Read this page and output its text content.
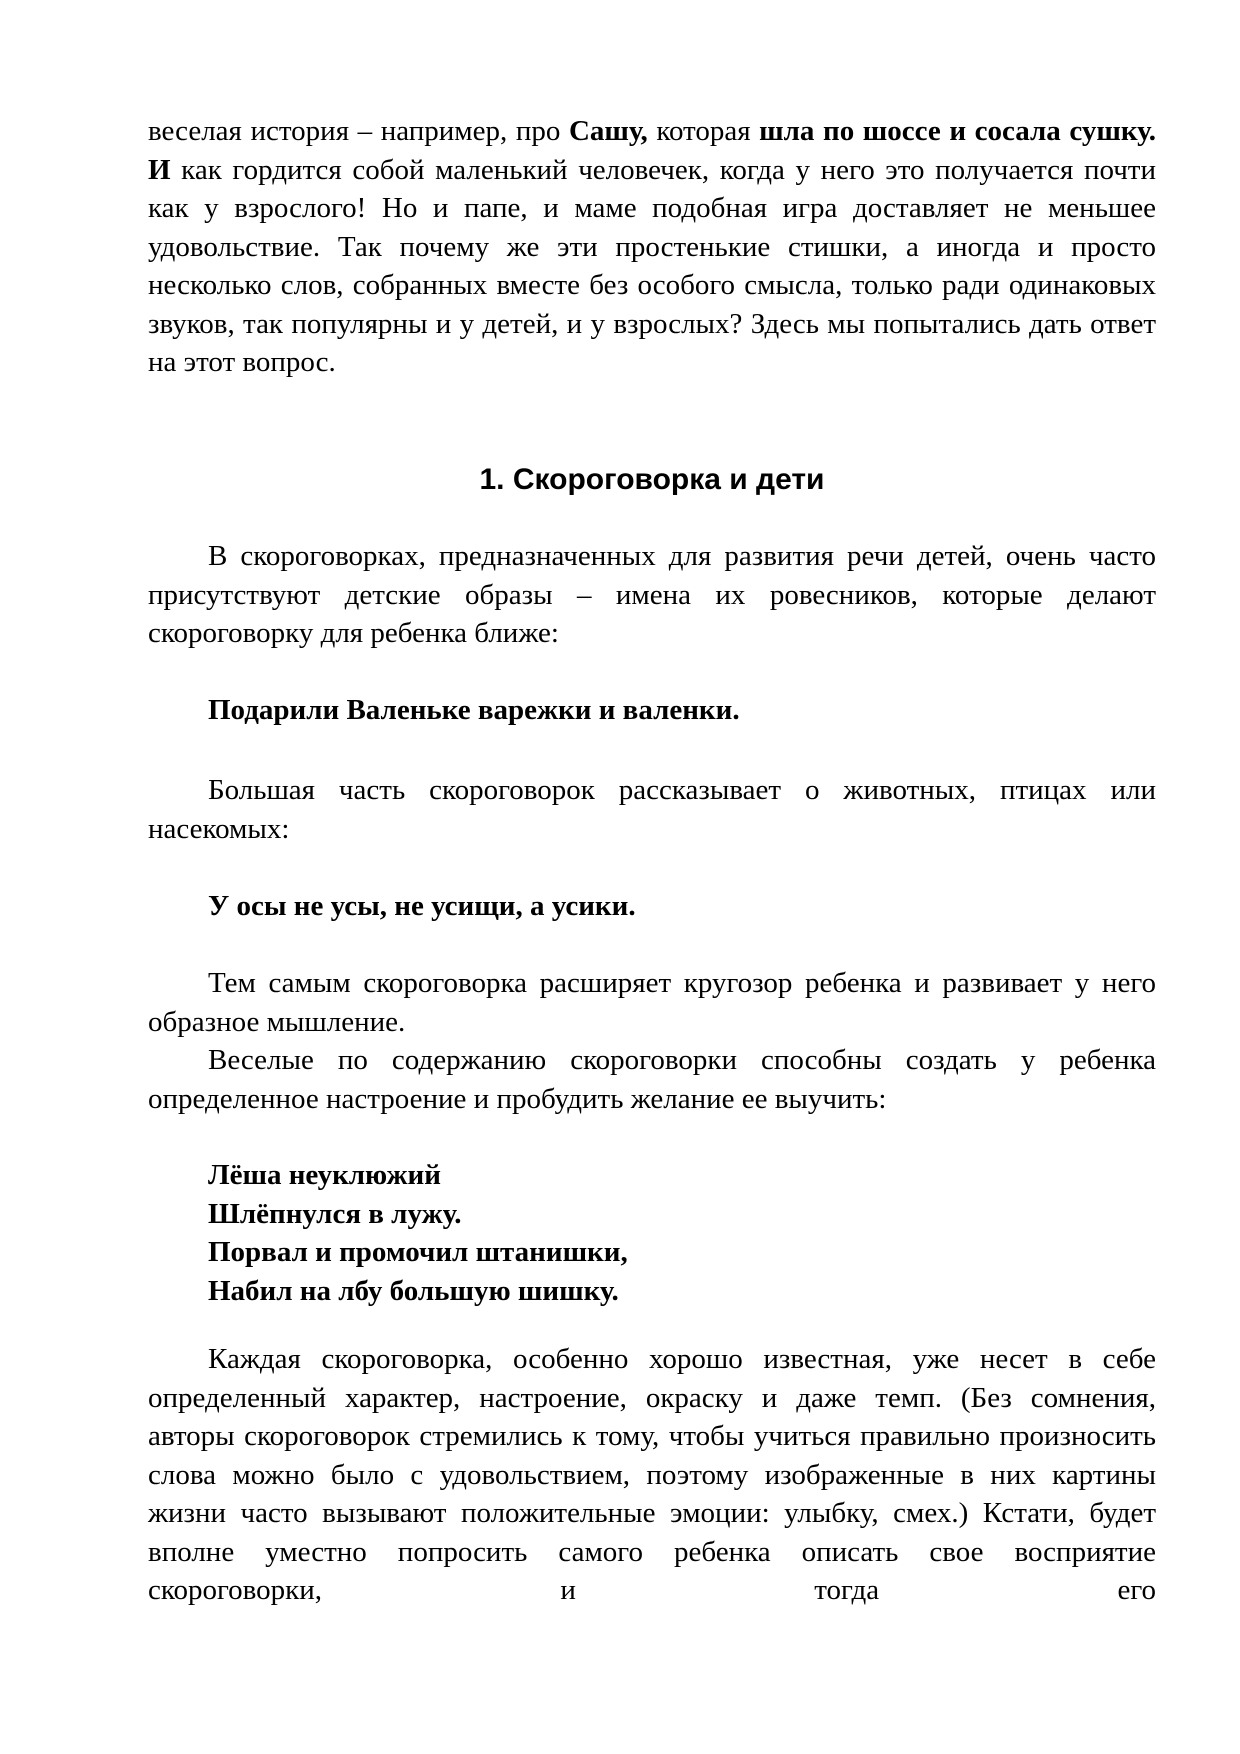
веселая история – например, про Сашу, которая шла по шоссе и сосала сушку. И как гордится собой маленький человечек, когда у него это получается почти как у взрослого! Но и папе, и маме подобная игра доставляет не меньшее удовольствие. Так почему же эти простенькие стишки, а иногда и просто несколько слов, собранных вместе без особого смысла, только ради одинаковых звуков, так популярны и у детей, и у взрослых? Здесь мы попытались дать ответ на этот вопрос.

1. Скороговорка и дети

В скороговорках, предназначенных для развития речи детей, очень часто присутствуют детские образы – имена их ровесников, которые делают скороговорку для ребенка ближе:

Подарили Валеньке варежки и валенки.

Большая часть скороговорок рассказывает о животных, птицах или насекомых:

У осы не усы, не усищи, а усики.

Тем самым скороговорка расширяет кругозор ребенка и развивает у него образное мышление.

Веселые по содержанию скороговорки способны создать у ребенка определенное настроение и пробудить желание ее выучить:

Лёша неуклюжий
Шлёпнулся в лужу.
Порвал и промочил штанишки,
Набил на лбу большую шишку.

Каждая скороговорка, особенно хорошо известная, уже несет в себе определенный характер, настроение, окраску и даже темп. (Без сомнения, авторы скороговорок стремились к тому, чтобы учиться правильно произносить слова можно было с удовольствием, поэтому изображенные в них картины жизни часто вызывают положительные эмоции: улыбку, смех.) Кстати, будет вполне уместно попросить самого ребенка описать свое восприятие скороговорки, и тогда его
